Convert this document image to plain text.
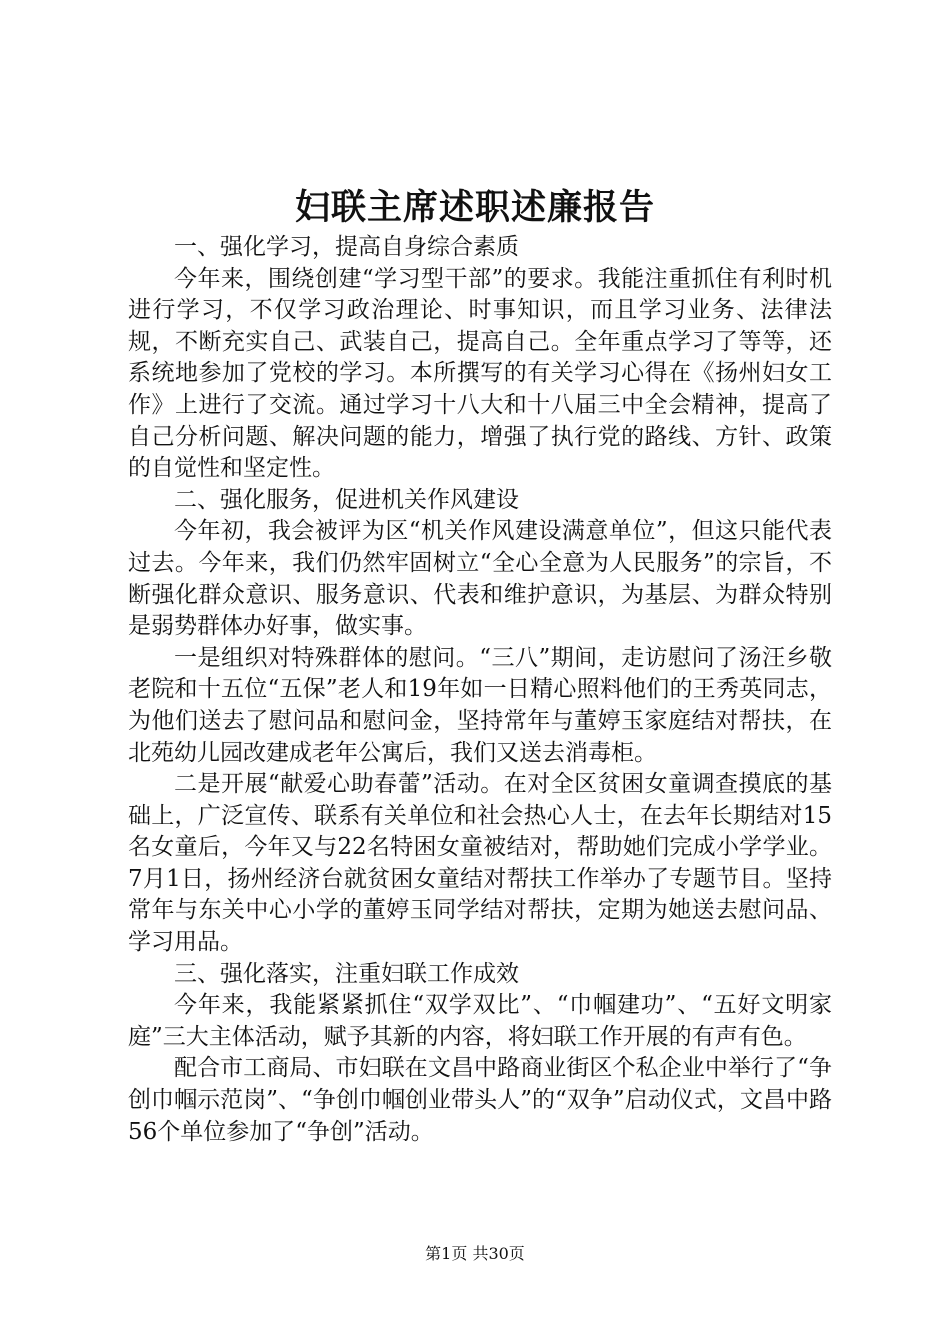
妇联主席述职述廉报告

一、强化学习，提高自身综合素质

今年来，围绕创建“学习型干部”的要求。我能注重抓住有利时机进行学习，不仅学习政治理论、时事知识，而且学习业务、法律法规，不断充实自己、武装自己，提高自己。全年重点学习了等等，还系统地参加了党校的学习。本所撰写的有关学习心得在《扬州妇女工作》上进行了交流。通过学习十八大和十八届三中全会精神，提高了自己分析问题、解决问题的能力，增强了执行党的路线、方针、政策的自觉性和坚定性。

二、强化服务，促进机关作风建设

今年初，我会被评为区“机关作风建设满意单位”，但这只能代表过去。今年来，我们仍然牢固树立“全心全意为人民服务”的宗旨，不断强化群众意识、服务意识、代表和维护意识，为基层、为群众特别是弱势群体办好事，做实事。

一是组织对特殊群体的慰问。“三八”期间，走访慰问了汤汪乡敬老院和十五位“五保”老人和19年如一日精心照料他们的王秀英同志，为他们送去了慰问品和慰问金，坚持常年与董婷玉家庭结对帮扶，在北苑幼儿园改建成老年公寓后，我们又送去消毒柜。

二是开展“献爱心助春蕾”活动。在对全区贫困女童调查摸底的基础上，广泛宣传、联系有关单位和社会热心人士，在去年长期结对15名女童后，今年又与22名特困女童被结对，帮助她们完成小学学业。7月1日，扬州经济台就贫困女童结对帮扶工作举办了专题节目。坚持常年与东关中心小学的董婷玉同学结对帮扶，定期为她送去慰问品、学习用品。

三、强化落实，注重妇联工作成效

今年来，我能紧紧抓住“双学双比”、“巾帼建功”、“五好文明家庭”三大主体活动，赋予其新的内容，将妇联工作开展的有声有色。

配合市工商局、市妇联在文昌中路商业街区个私企业中举行了“争创巾帼示范岗”、“争创巾帼创业带头人”的“双争”启动仪式，文昌中路56个单位参加了“争创”活动。

第1页 共30页
